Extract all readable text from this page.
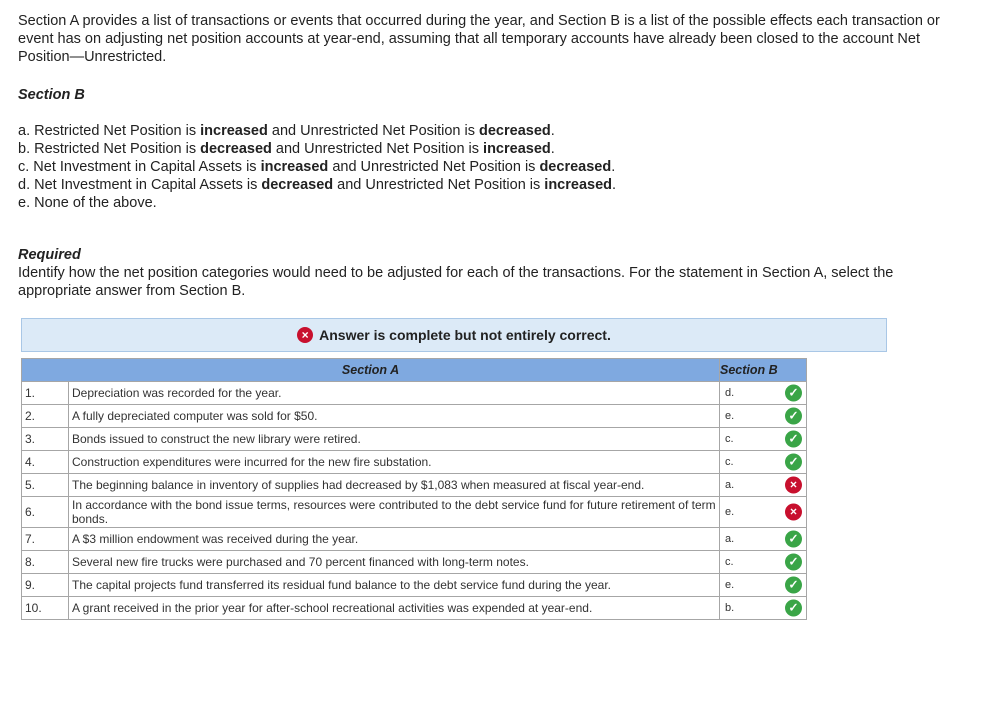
Section A provides a list of transactions or events that occurred during the year, and Section B is a list of the possible effects each transaction or event has on adjusting net position accounts at year-end, assuming that all temporary accounts have already been closed to the account Net Position—Unrestricted.

Section B
a. Restricted Net Position is increased and Unrestricted Net Position is decreased.
b. Restricted Net Position is decreased and Unrestricted Net Position is increased.
c. Net Investment in Capital Assets is increased and Unrestricted Net Position is decreased.
d. Net Investment in Capital Assets is decreased and Unrestricted Net Position is increased.
e. None of the above.
Required

Identify how the net position categories would need to be adjusted for each of the transactions. For the statement in Section A, select the appropriate answer from Section B.

× Answer is complete but not entirely correct.
Section A		Section B
1.	Depreciation was recorded for the year.	d. ✓

2.	A fully depreciated computer was sold for $50.	e. ✓

3.	Bonds issued to construct the new library were retired.	c. ✓

4.	Construction expenditures were incurred for the new fire substation.	c. ✓

5.	The beginning balance in inventory of supplies had decreased by $1,083 when measured at fiscal year-end.	a. ×

6.	In accordance with the bond issue terms, resources were contributed to the debt service fund for future retirement of term bonds.	e. ×

7.	A $3 million endowment was received during the year.	a. ✓

8.	Several new fire trucks were purchased and 70 percent financed with long-term notes.	c. ✓

9.	The capital projects fund transferred its residual fund balance to the debt service fund during the year.	e. ✓

10.	A grant received in the prior year for after-school recreational activities was expended at year-end.	b. ✓
